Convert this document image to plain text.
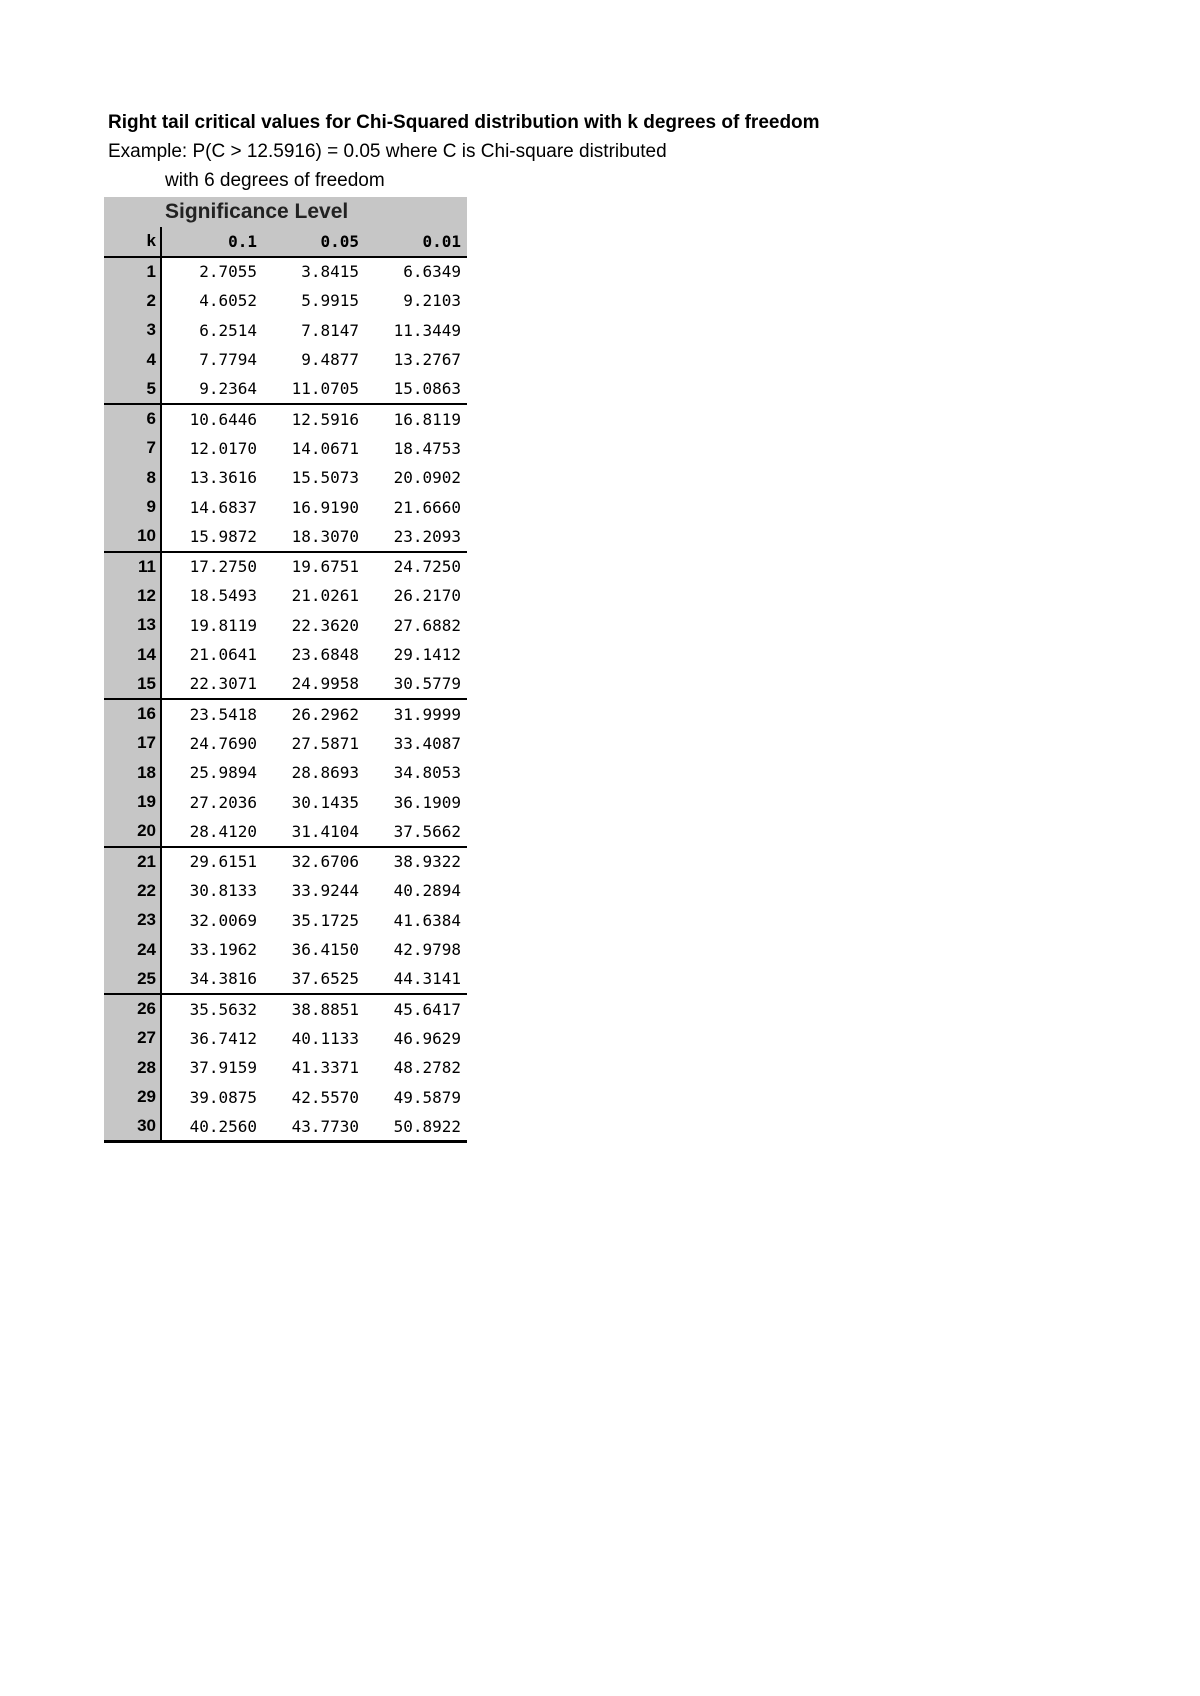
Right tail critical values for Chi-Squared distribution with k degrees of freedom
Example: P(C > 12.5916) = 0.05 where C is Chi-square distributed
with 6 degrees of freedom
Significance Level			
k	0.1	0.05	0.01
1	2.7055	3.8415	6.6349
2	4.6052	5.9915	9.2103
3	6.2514	7.8147	11.3449
4	7.7794	9.4877	13.2767
5	9.2364	11.0705	15.0863
6	10.6446	12.5916	16.8119
7	12.0170	14.0671	18.4753
8	13.3616	15.5073	20.0902
9	14.6837	16.9190	21.6660
10	15.9872	18.3070	23.2093
11	17.2750	19.6751	24.7250
12	18.5493	21.0261	26.2170
13	19.8119	22.3620	27.6882
14	21.0641	23.6848	29.1412
15	22.3071	24.9958	30.5779
16	23.5418	26.2962	31.9999
17	24.7690	27.5871	33.4087
18	25.9894	28.8693	34.8053
19	27.2036	30.1435	36.1909
20	28.4120	31.4104	37.5662
21	29.6151	32.6706	38.9322
22	30.8133	33.9244	40.2894
23	32.0069	35.1725	41.6384
24	33.1962	36.4150	42.9798
25	34.3816	37.6525	44.3141
26	35.5632	38.8851	45.6417
27	36.7412	40.1133	46.9629
28	37.9159	41.3371	48.2782
29	39.0875	42.5570	49.5879
30	40.2560	43.7730	50.8922
